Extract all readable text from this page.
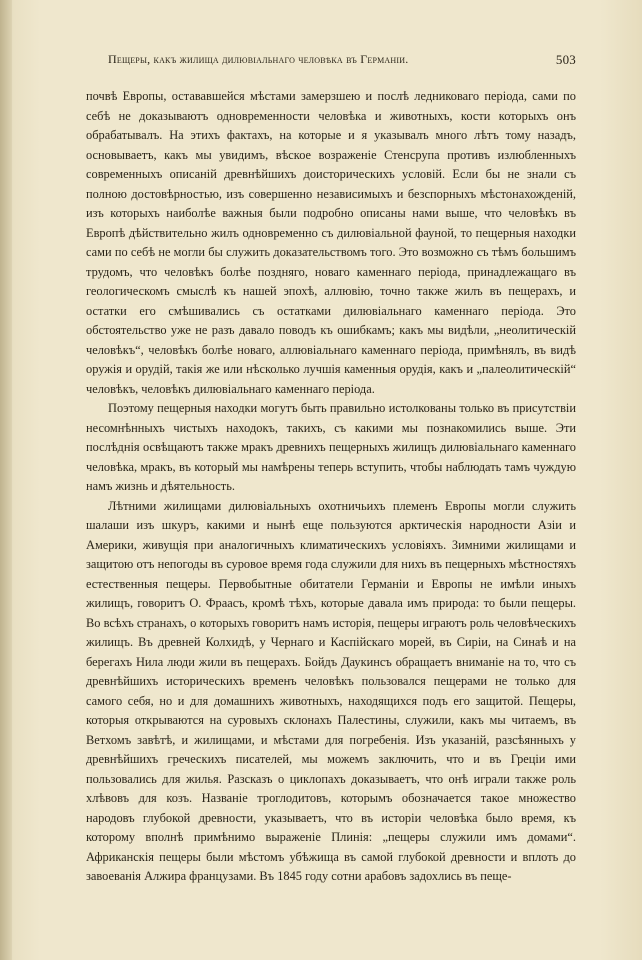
Пещеры, какъ жилища дилювіальнаго человѣка въ Германіи.	503

почвѣ Европы, остававшейся мѣстами замерзшею и послѣ ледниковаго періода, сами по себѣ не доказываютъ одновременности человѣка и животныхъ, кости которыхъ онъ обрабатывалъ. На этихъ фактахъ, на которые и я указывалъ много лѣтъ тому назадъ, основываетъ, какъ мы увидимъ, вѣское возраженіе Стенсрупа противъ излюбленныхъ современныхъ описаній древнѣйшихъ доисторическихъ условій. Если бы не знали съ полною достовѣрностью, изъ совершенно независимыхъ и безспорныхъ мѣстонахожденій, изъ которыхъ наиболѣе важныя были подробно описаны нами выше, что человѣкъ въ Европѣ дѣйствительно жилъ одновременно съ дилювіальной фауной, то пещерныя находки сами по себѣ не могли бы служить доказательствомъ того. Это возможно съ тѣмъ большимъ трудомъ, что человѣкъ болѣе поздняго, новаго каменнаго періода, принадлежащаго въ геологическомъ смыслѣ къ нашей эпохѣ, аллювію, точно также жилъ въ пещерахъ, и остатки его смѣшивались съ остатками дилювіальнаго каменнаго періода. Это обстоятельство уже не разъ давало поводъ къ ошибкамъ; какъ мы видѣли, „неолитическій человѣкъ“, человѣкъ болѣе новаго, аллювіальнаго каменнаго періода, примѣнялъ, въ видѣ оружія и орудій, такія же или нѣсколько лучшія каменныя орудія, какъ и „палеолитическій“ человѣкъ, человѣкъ дилювіальнаго каменнаго періода.

Поэтому пещерныя находки могутъ быть правильно истолкованы только въ присутствіи несомнѣнныхъ чистыхъ находокъ, такихъ, съ какими мы познакомились выше. Эти послѣднія освѣщаютъ также мракъ древнихъ пещерныхъ жилищъ дилювіальнаго каменнаго человѣка, мракъ, въ который мы намѣрены теперь вступить, чтобы наблюдать тамъ чуждую намъ жизнь и дѣятельность.

Лѣтними жилищами дилювіальныхъ охотничьихъ племенъ Европы могли служить шалаши изъ шкуръ, какими и нынѣ еще пользуются арктическія народности Азіи и Америки, живущія при аналогичныхъ климатическихъ условіяхъ. Зимними жилищами и защитою отъ непогоды въ суровое время года служили для нихъ въ пещерныхъ мѣстностяхъ естественныя пещеры. Первобытные обитатели Германіи и Европы не имѣли иныхъ жилищъ, говоритъ О. Фраасъ, кромѣ тѣхъ, которые давала имъ природа: то были пещеры. Во всѣхъ странахъ, о которыхъ говоритъ намъ исторія, пещеры играютъ роль человѣческихъ жилищъ. Въ древней Колхидѣ, у Чернаго и Каспійскаго морей, въ Сиріи, на Синаѣ и на берегахъ Нила люди жили въ пещерахъ. Бойдъ Даукинсъ обращаетъ вниманіе на то, что съ древнѣйшихъ историческихъ временъ человѣкъ пользовался пещерами не только для самого себя, но и для домашнихъ животныхъ, находящихся подъ его защитой. Пещеры, которыя открываются на суровыхъ склонахъ Палестины, служили, какъ мы читаемъ, въ Ветхомъ завѣтѣ, и жилищами, и мѣстами для погребенія. Изъ указаній, разсѣянныхъ у древнѣйшихъ греческихъ писателей, мы можемъ заключить, что и въ Греціи ими пользовались для жилья. Разсказъ о циклопахъ доказываетъ, что онѣ играли также роль хлѣвовъ для козъ. Названіе троглодитовъ, которымъ обозначается такое множество народовъ глубокой древности, указываетъ, что въ исторіи человѣка было время, къ которому вполнѣ примѣнимо выраженіе Плинія: „пещеры служили имъ домами“. Африканскія пещеры были мѣстомъ убѣжища въ самой глубокой древности и вплоть до завоеванія Алжира французами. Въ 1845 году сотни арабовъ задохлись въ пеще-
